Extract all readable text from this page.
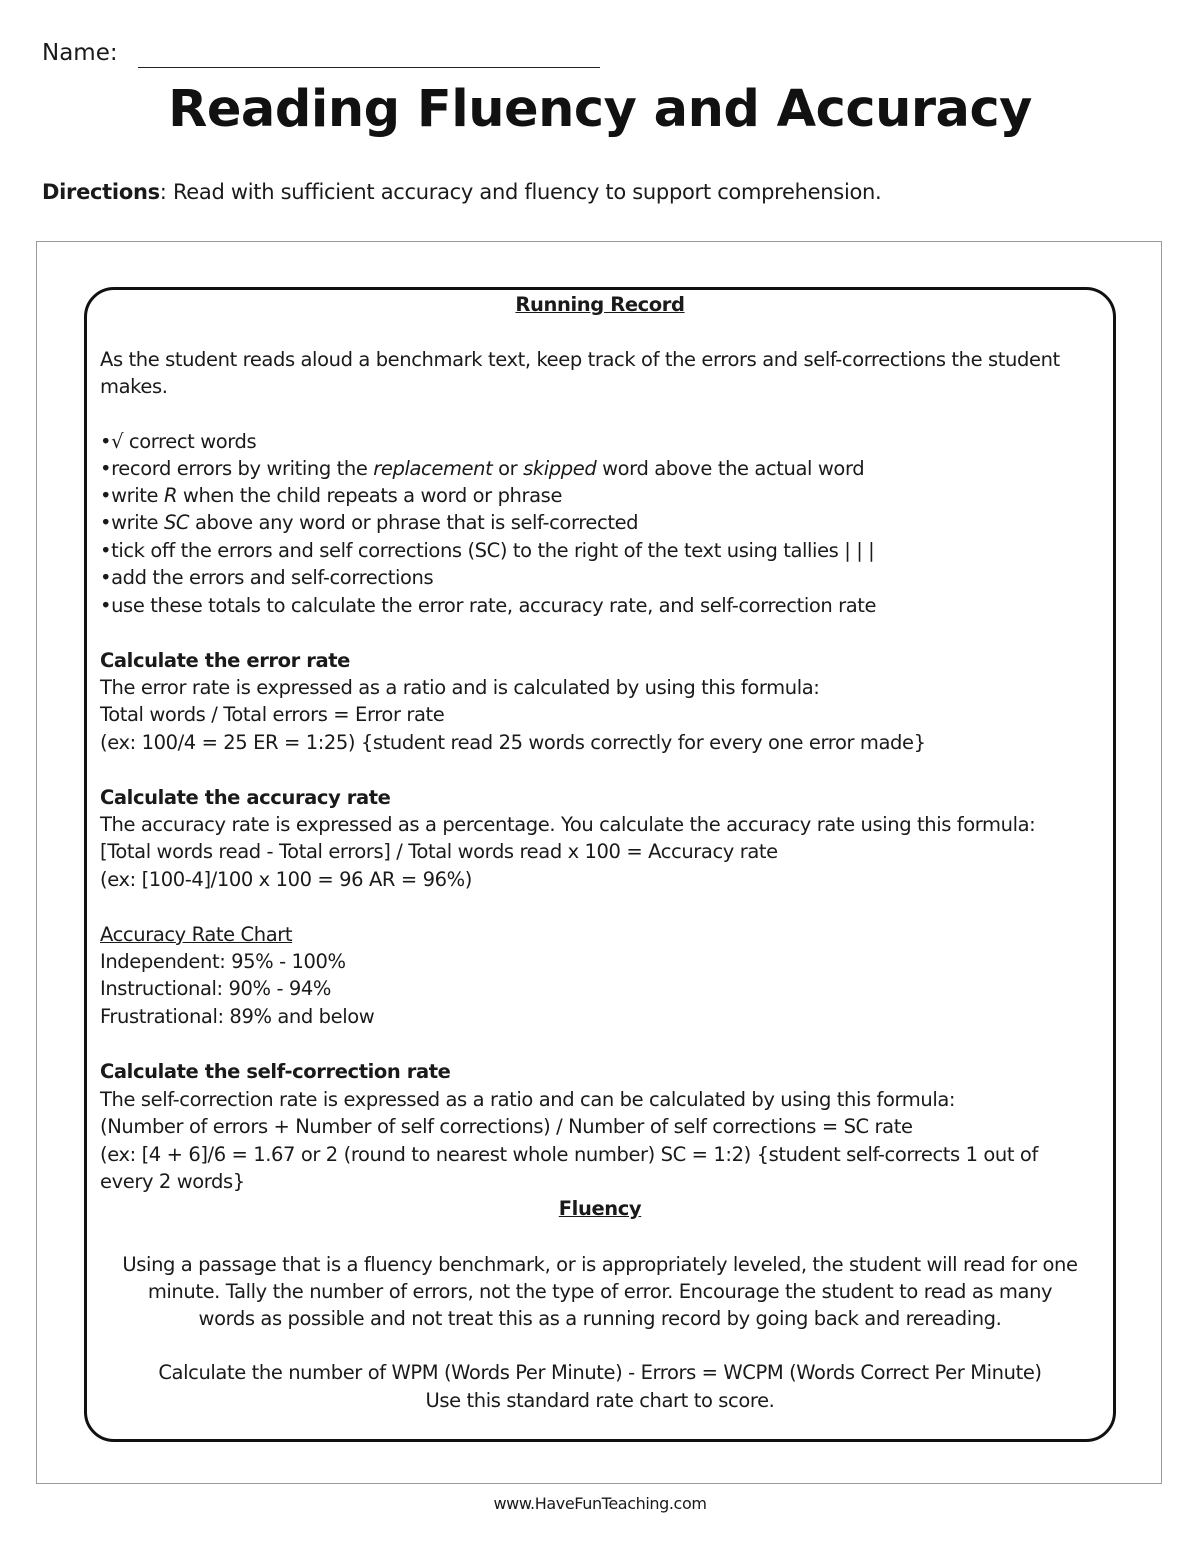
Name:
Reading Fluency and Accuracy
Directions: Read with sufficient accuracy and fluency to support comprehension.
Running Record
As the student reads aloud a benchmark text, keep track of the errors and self-corrections the student
makes.
•√ correct words
•record errors by writing the replacement or skipped word above the actual word
•write R when the child repeats a word or phrase
•write SC above any word or phrase that is self-corrected
•tick off the errors and self corrections (SC) to the right of the text using tallies | | |
•add the errors and self-corrections
•use these totals to calculate the error rate, accuracy rate, and self-correction rate
Calculate the error rate
The error rate is expressed as a ratio and is calculated by using this formula:
Total words / Total errors = Error rate
(ex: 100/4 = 25 ER = 1:25) {student read 25 words correctly for every one error made}
Calculate the accuracy rate
The accuracy rate is expressed as a percentage. You calculate the accuracy rate using this formula:
[Total words read - Total errors] / Total words read x 100 = Accuracy rate
(ex: [100-4]/100 x 100 = 96 AR = 96%)
Accuracy Rate Chart
Independent: 95% - 100%
Instructional: 90% - 94%
Frustrational: 89% and below
Calculate the self-correction rate
The self-correction rate is expressed as a ratio and can be calculated by using this formula:
(Number of errors + Number of self corrections) / Number of self corrections = SC rate
(ex: [4 + 6]/6 = 1.67 or 2 (round to nearest whole number) SC = 1:2) {student self-corrects 1 out of
every 2 words}
Fluency
Using a passage that is a fluency benchmark, or is appropriately leveled, the student will read for one
minute. Tally the number of errors, not the type of error. Encourage the student to read as many
words as possible and not treat this as a running record by going back and rereading.
Calculate the number of WPM (Words Per Minute) - Errors = WCPM (Words Correct Per Minute)
Use this standard rate chart to score.
www.HaveFunTeaching.com
